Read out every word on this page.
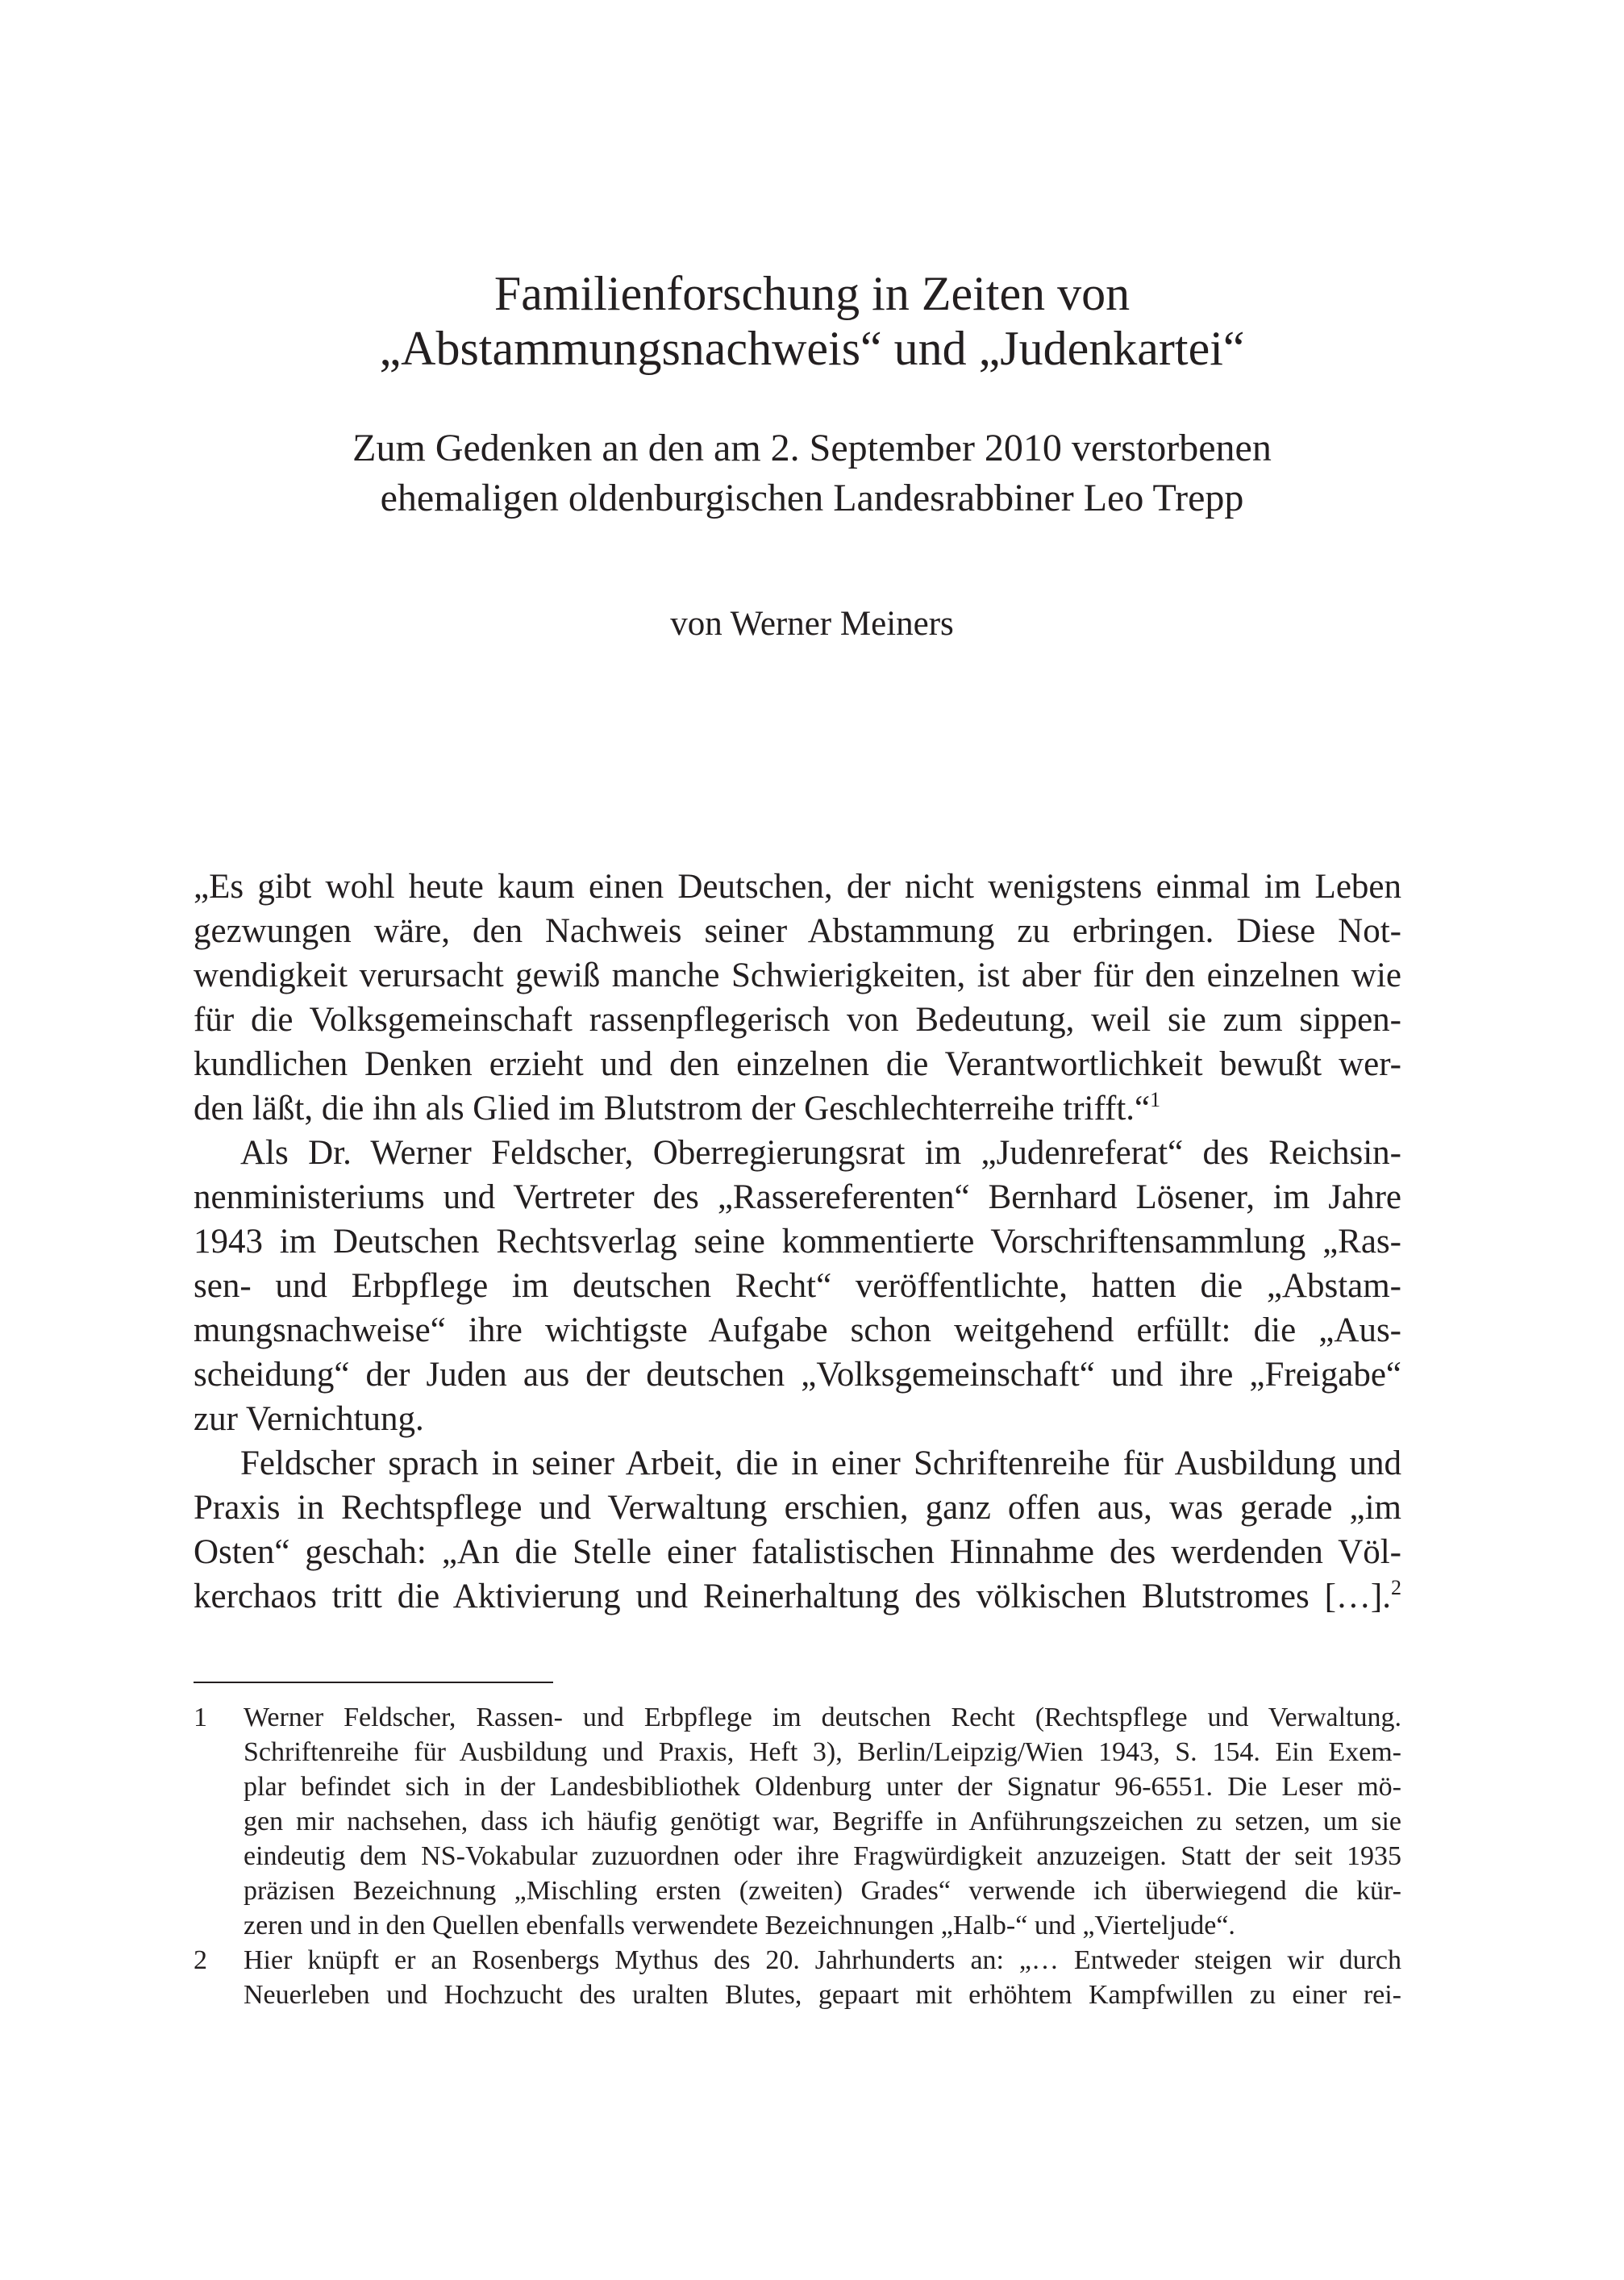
Familienforschung in Zeiten von
„Abstammungsnachweis“ und „Judenkartei“
Zum Gedenken an den am 2. September 2010 verstorbenen
ehemaligen oldenburgischen Landesrabbiner Leo Trepp
von Werner Meiners
„Es gibt wohl heute kaum einen Deutschen, der nicht wenigstens einmal im Leben
gezwungen wäre, den Nachweis seiner Abstammung zu erbringen. Diese Not-
wendigkeit verursacht gewiß manche Schwierigkeiten, ist aber für den einzelnen wie
für die Volksgemeinschaft rassenpflegerisch von Bedeutung, weil sie zum sippen-
kundlichen Denken erzieht und den einzelnen die Verantwortlichkeit bewußt wer-
den läßt, die ihn als Glied im Blutstrom der Geschlechterreihe trifft.“$^1$
Als Dr. Werner Feldscher, Oberregierungsrat im „Judenreferat“ des Reichsin-
nenministeriums und Vertreter des „Rassereferenten“ Bernhard Lösener, im Jahre
1943 im Deutschen Rechtsverlag seine kommentierte Vorschriftensammlung „Ras-
sen- und Erbpflege im deutschen Recht“ veröffentlichte, hatten die „Abstam-
mungsnachweise“ ihre wichtigste Aufgabe schon weitgehend erfüllt: die „Aus-
scheidung“ der Juden aus der deutschen „Volksgemeinschaft“ und ihre „Freigabe“
zur Vernichtung.
Feldscher sprach in seiner Arbeit, die in einer Schriftenreihe für Ausbildung und
Praxis in Rechtspflege und Verwaltung erschien, ganz offen aus, was gerade „im
Osten“ geschah: „An die Stelle einer fatalistischen Hinnahme des werdenden Völ-
kerchaos tritt die Aktivierung und Reinerhaltung des völkischen Blutstromes […].$^2$
1	Werner Feldscher, Rassen- und Erbpflege im deutschen Recht (Rechtspflege und Verwaltung.
Schriftenreihe für Ausbildung und Praxis, Heft 3), Berlin/Leipzig/Wien 1943, S. 154. Ein Exem-
plar befindet sich in der Landesbibliothek Oldenburg unter der Signatur 96-6551. Die Leser mö-
gen mir nachsehen, dass ich häufig genötigt war, Begriffe in Anführungszeichen zu setzen, um sie
eindeutig dem NS-Vokabular zuzuordnen oder ihre Fragwürdigkeit anzuzeigen. Statt der seit 1935
präzisen Bezeichnung „Mischling ersten (zweiten) Grades“ verwende ich überwiegend die kür-
zeren und in den Quellen ebenfalls verwendete Bezeichnungen „Halb-“ und „Vierteljude“.
2	Hier knüpft er an Rosenbergs Mythus des 20. Jahrhunderts an: „… Entweder steigen wir durch
Neuerleben und Hochzucht des uralten Blutes, gepaart mit erhöhtem Kampfwillen zu einer rei-
